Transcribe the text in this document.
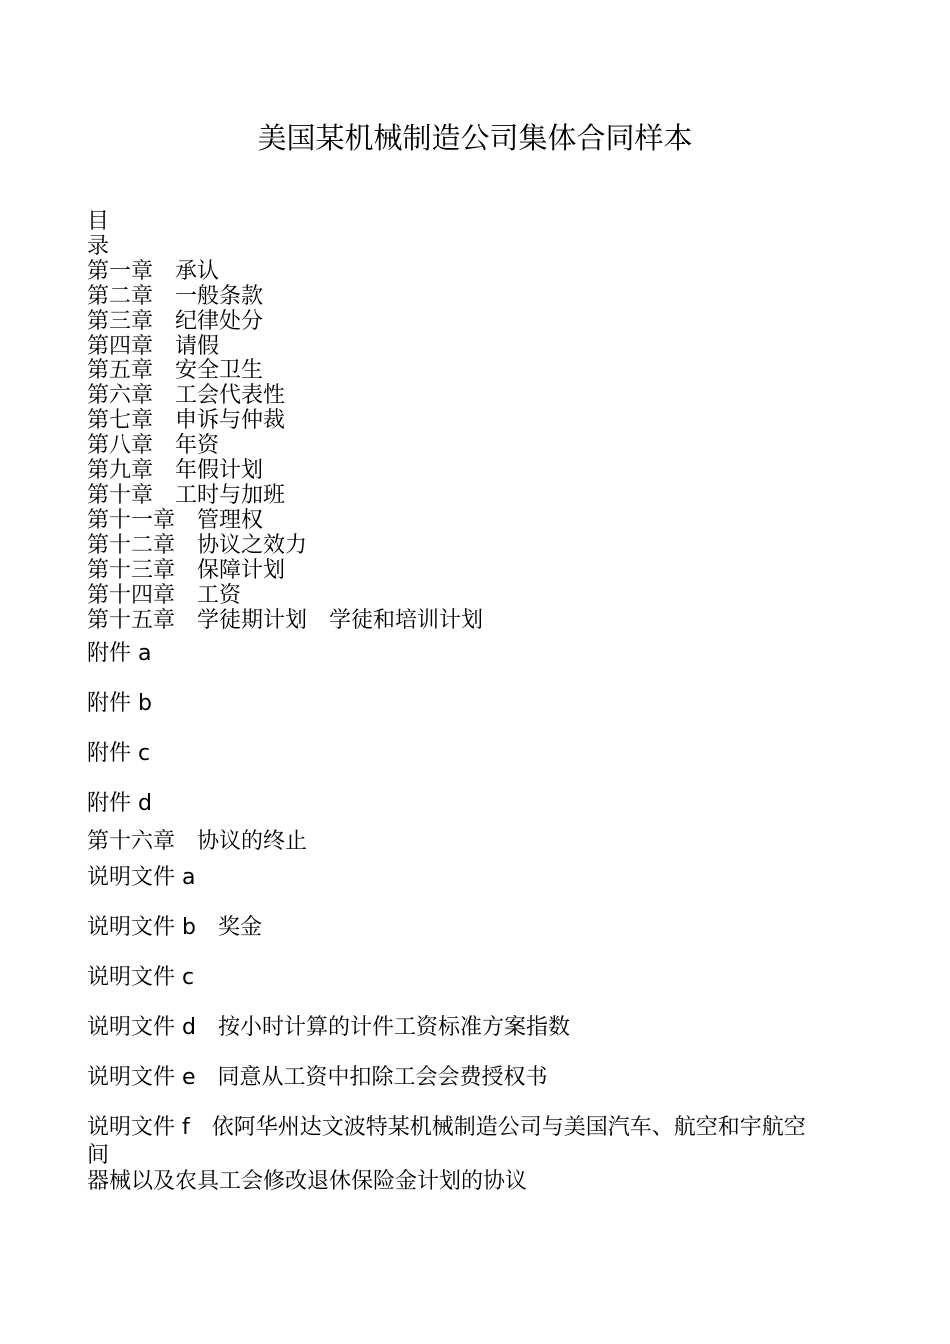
美国某机械制造公司集体合同样本
目
录
第一章 承认
第二章 一般条款
第三章 纪律处分
第四章 请假
第五章 安全卫生
第六章 工会代表性
第七章 申诉与仲裁
第八章 年资
第九章 年假计划
第十章 工时与加班
第十一章 管理权
第十二章 协议之效力
第十三章 保障计划
第十四章 工资
第十五章 学徒期计划 学徒和培训计划
附件 a
附件 b
附件 c
附件 d
第十六章 协议的终止
说明文件 a
说明文件 b 奖金
说明文件 c
说明文件 d 按小时计算的计件工资标准方案指数
说明文件 e 同意从工资中扣除工会会费授权书
说明文件 f 依阿华州达文波特某机械制造公司与美国汽车、航空和宇航空
间
器械以及农具工会修改退休保险金计划的协议
